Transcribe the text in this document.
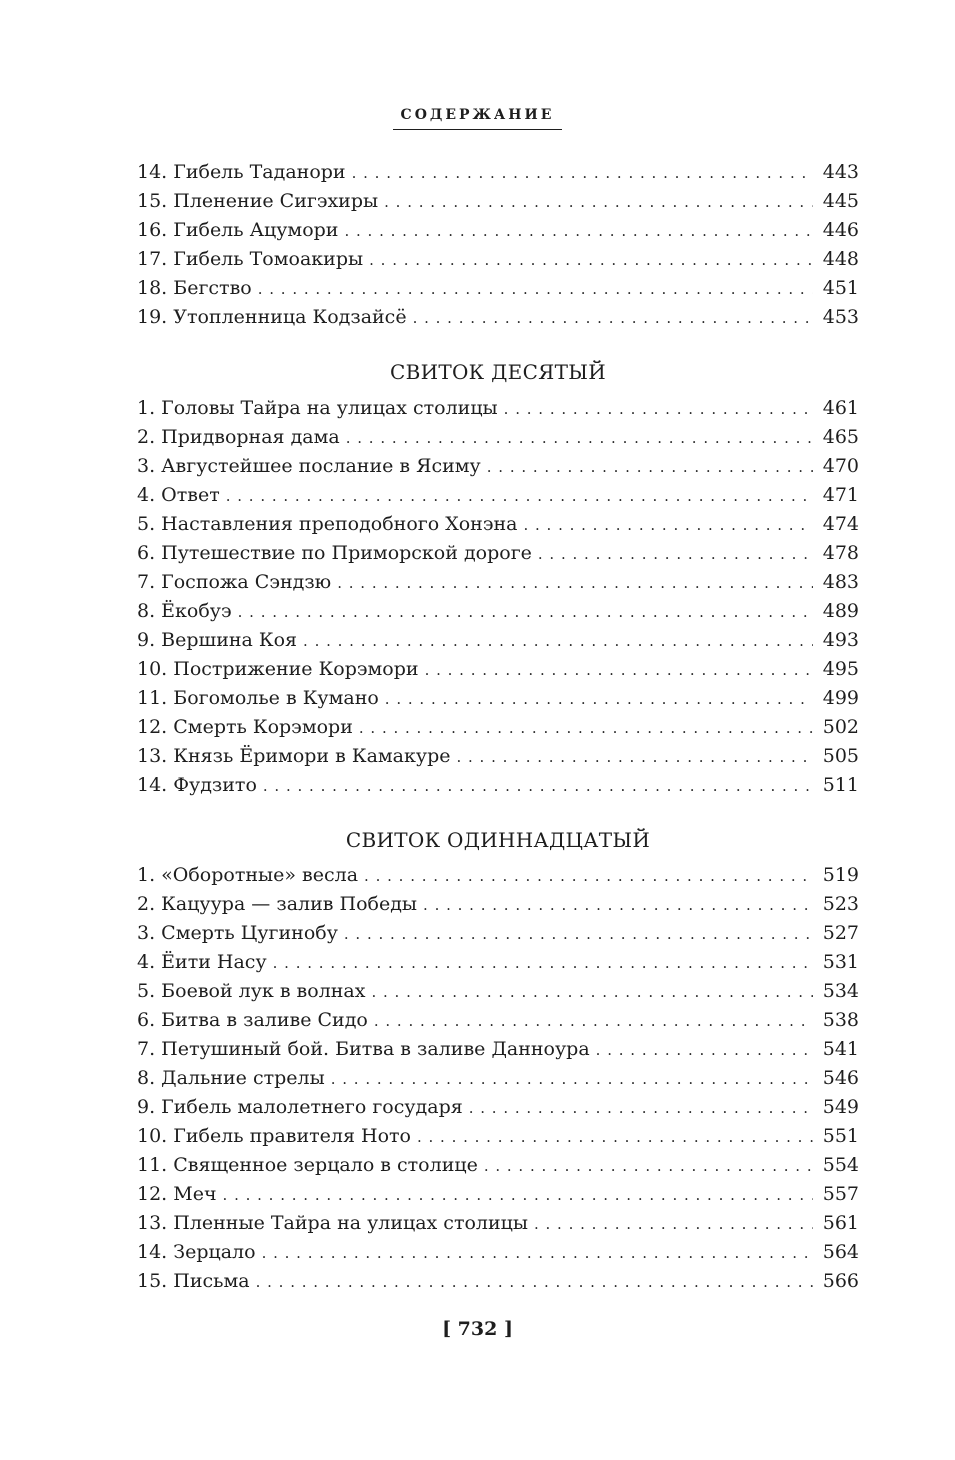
СОДЕРЖАНИЕ
14. Гибель Таданори . . .	443
15. Пленение Сигэхиры . . .	445
16. Гибель Ацумори . . .	446
17. Гибель Томоакиры . . .	448
18. Бегство . . .	451
19. Утопленница Кодзайсё . . .	453
СВИТОК ДЕСЯТЫЙ
1. Головы Тайра на улицах столицы . . .	461
2. Придворная дама . . .	465
3. Августейшее послание в Ясиму . . .	470
4. Ответ . . .	471
5. Наставления преподобного Хонэна . . .	474
6. Путешествие по Приморской дороге . . .	478
7. Госпожа Сэндзю . . .	483
8. Ёкобуэ . . .	489
9. Вершина Коя . . .	493
10. Пострижение Корэмори . . .	495
11. Богомолье в Кумано . . .	499
12. Смерть Корэмори . . .	502
13. Князь Ёримори в Камакуре . . .	505
14. Фудзито . . .	511
СВИТОК ОДИННАДЦАТЫЙ
1. «Оборотные» весла . . .	519
2. Кацуура — залив Победы . . .	523
3. Смерть Цугинобу . . .	527
4. Ёити Насу . . .	531
5. Боевой лук в волнах . . .	534
6. Битва в заливе Сидо . . .	538
7. Петушиный бой. Битва в заливе Данноура . . .	541
8. Дальние стрелы . . .	546
9. Гибель малолетнего государя . . .	549
10. Гибель правителя Ното . . .	551
11. Священное зерцало в столице . . .	554
12. Меч . . .	557
13. Пленные Тайра на улицах столицы . . .	561
14. Зерцало . . .	564
15. Письма . . .	566
[ 732 ]
